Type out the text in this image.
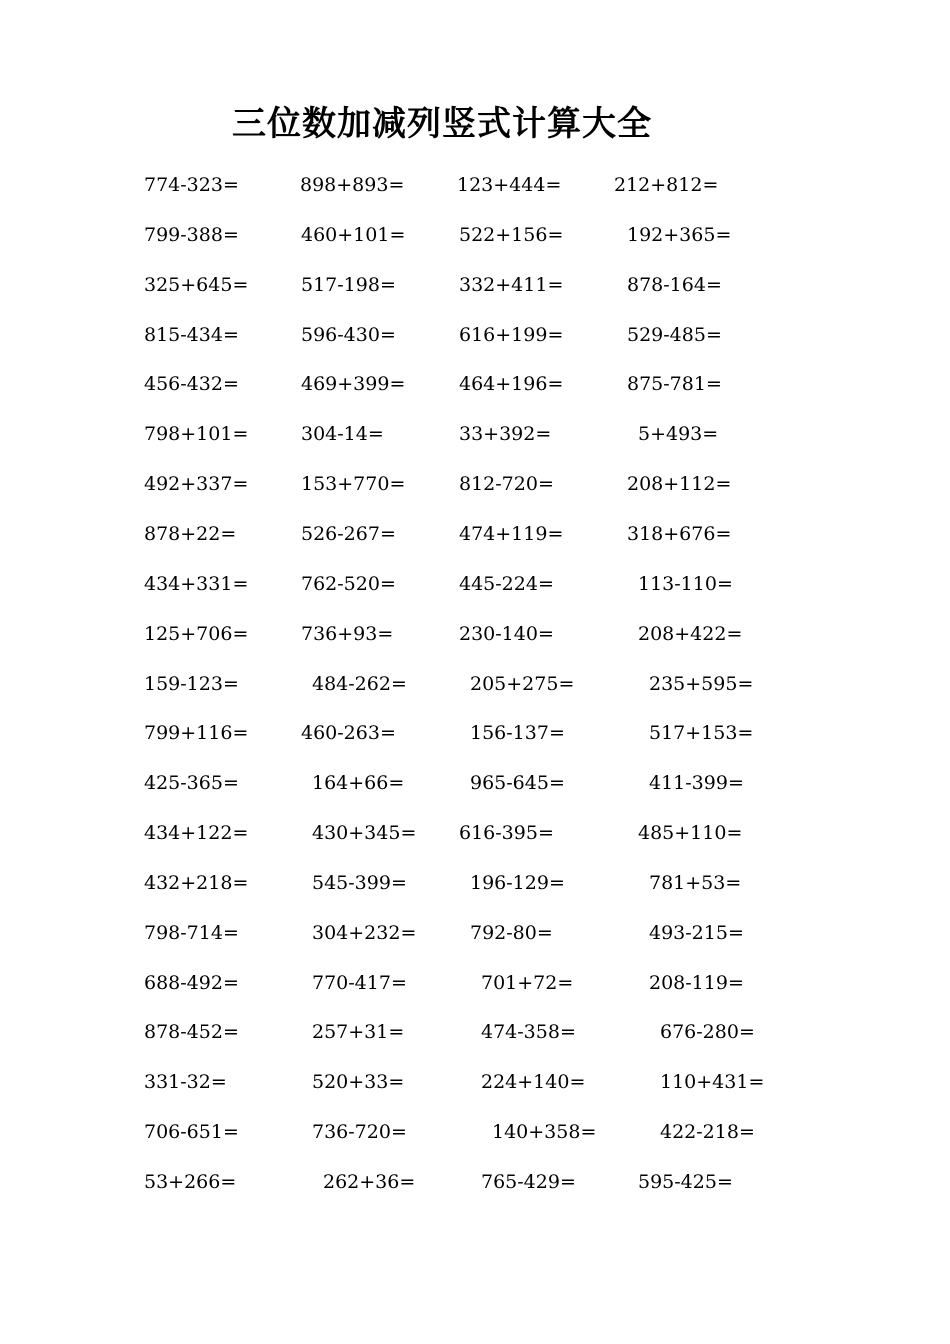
三位数加减列竖式计算大全
774-323=	898+893=	123+444=	212+812=
799-388=	460+101=	522+156=	192+365=
325+645=	517-198=	332+411=	878-164=
815-434=	596-430=	616+199=	529-485=
456-432=	469+399=	464+196=	875-781=
798+101=	304-14=	33+392=	5+493=
492+337=	153+770=	812-720=	208+112=
878+22=	526-267=	474+119=	318+676=
434+331=	762-520=	445-224=	113-110=
125+706=	736+93=	230-140=	208+422=
159-123=	484-262=	205+275=	235+595=
799+116=	460-263=	156-137=	517+153=
425-365=	164+66=	965-645=	411-399=
434+122=	430+345= 616-395=	485+110=
432+218=	545-399=	196-129=	781+53=
798-714=	304+232=	792-80=	493-215=
688-492=	770-417=	701+72=	208-119=
878-452=	257+31=	474-358=	676-280=
331-32=	520+33=	224+140=	110+431=
706-651=	736-720=	140+358=	422-218=
53+266=	262+36=	765-429=	595-425=
